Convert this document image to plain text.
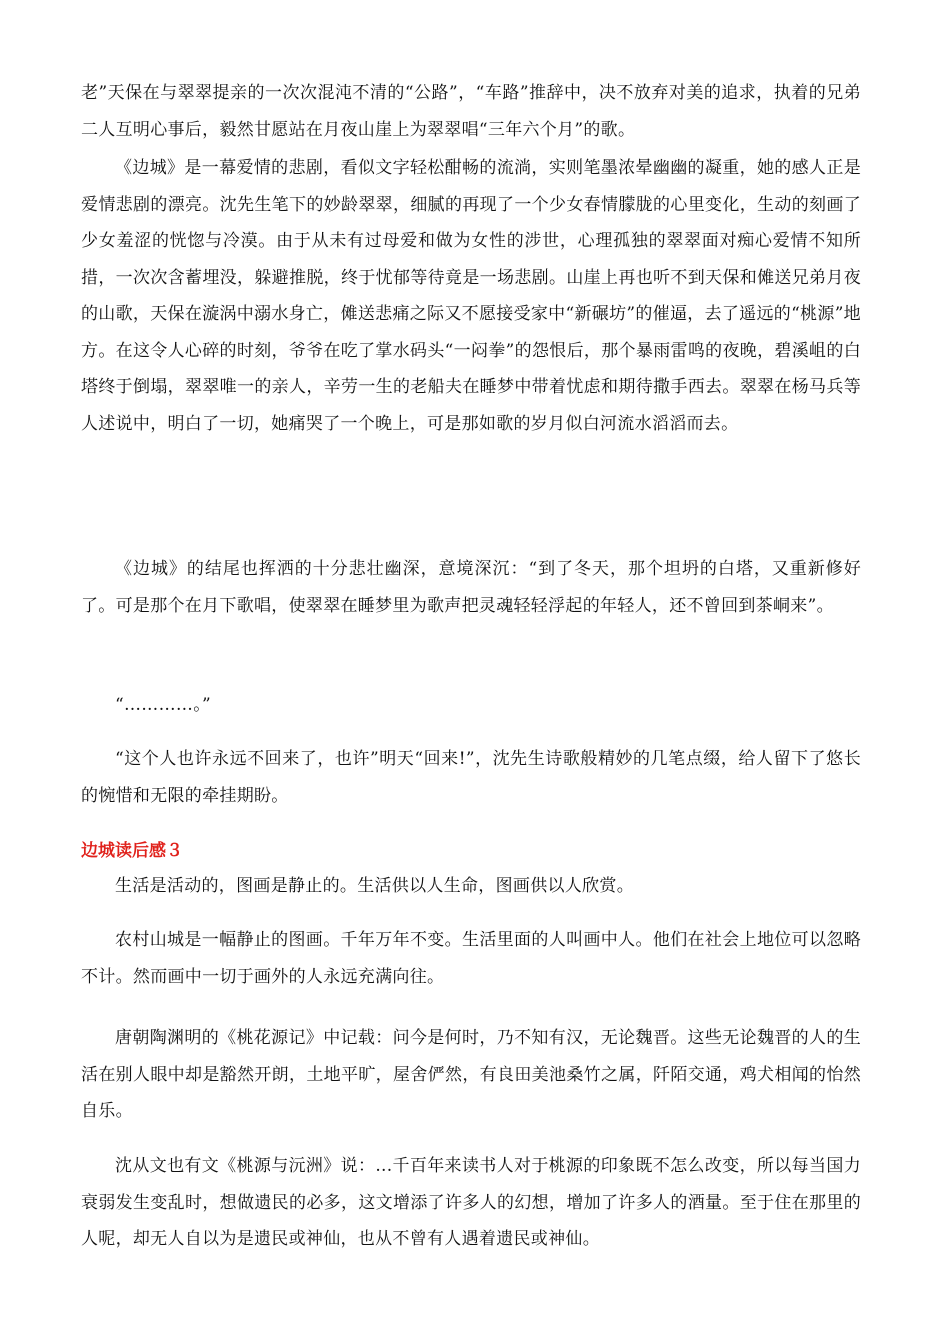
老”天保在与翠翠提亲的一次次混沌不清的“公路”，“车路”推辞中，决不放弃对美的追求，执着的兄弟二人互明心事后，毅然甘愿站在月夜山崖上为翠翠唱“三年六个月”的歌。

《边城》是一幕爱情的悲剧，看似文字轻松酣畅的流淌，实则笔墨浓晕幽幽的凝重，她的感人正是爱情悲剧的漂亮。沈先生笔下的妙龄翠翠，细腻的再现了一个少女春情朦胧的心里变化，生动的刻画了少女羞涩的恍惚与冷漠。由于从未有过母爱和做为女性的涉世，心理孤独的翠翠面对痴心爱情不知所措，一次次含蓄埋没，躲避推脱，终于忧郁等待竟是一场悲剧。山崖上再也听不到天保和傩送兄弟月夜的山歌，天保在漩涡中溺水身亡，傩送悲痛之际又不愿接受家中“新碾坊”的催逼，去了遥远的“桃源”地方。在这令人心碎的时刻，爷爷在吃了掌水码头“一闷拳”的怨恨后，那个暴雨雷鸣的夜晚，碧溪岨的白塔终于倒塌，翠翠唯一的亲人，辛劳一生的老船夫在睡梦中带着忧虑和期待撒手西去。翠翠在杨马兵等人述说中，明白了一切，她痛哭了一个晚上，可是那如歌的岁月似白河流水滔滔而去。

《边城》的结尾也挥洒的十分悲壮幽深，意境深沉：“到了冬天，那个坦坍的白塔，又重新修好了。可是那个在月下歌唱，使翠翠在睡梦里为歌声把灵魂轻轻浮起的年轻人，还不曾回到茶峒来”。

“…………。”

“这个人也许永远不回来了，也许”明天“回来!”，沈先生诗歌般精妙的几笔点缀，给人留下了悠长的惋惜和无限的牵挂期盼。

边城读后感３

生活是活动的，图画是静止的。生活供以人生命，图画供以人欣赏。

农村山城是一幅静止的图画。千年万年不变。生活里面的人叫画中人。他们在社会上地位可以忽略不计。然而画中一切于画外的人永远充满向往。

唐朝陶渊明的《桃花源记》中记载：问今是何时，乃不知有汉，无论魏晋。这些无论魏晋的人的生活在别人眼中却是豁然开朗，土地平旷，屋舍俨然，有良田美池桑竹之属，阡陌交通，鸡犬相闻的怡然自乐。

沈从文也有文《桃源与沅洲》说：...千百年来读书人对于桃源的印象既不怎么改变，所以每当国力衰弱发生变乱时，想做遗民的必多，这文增添了许多人的幻想，增加了许多人的酒量。至于住在那里的人呢，却无人自以为是遗民或神仙，也从不曾有人遇着遗民或神仙。
